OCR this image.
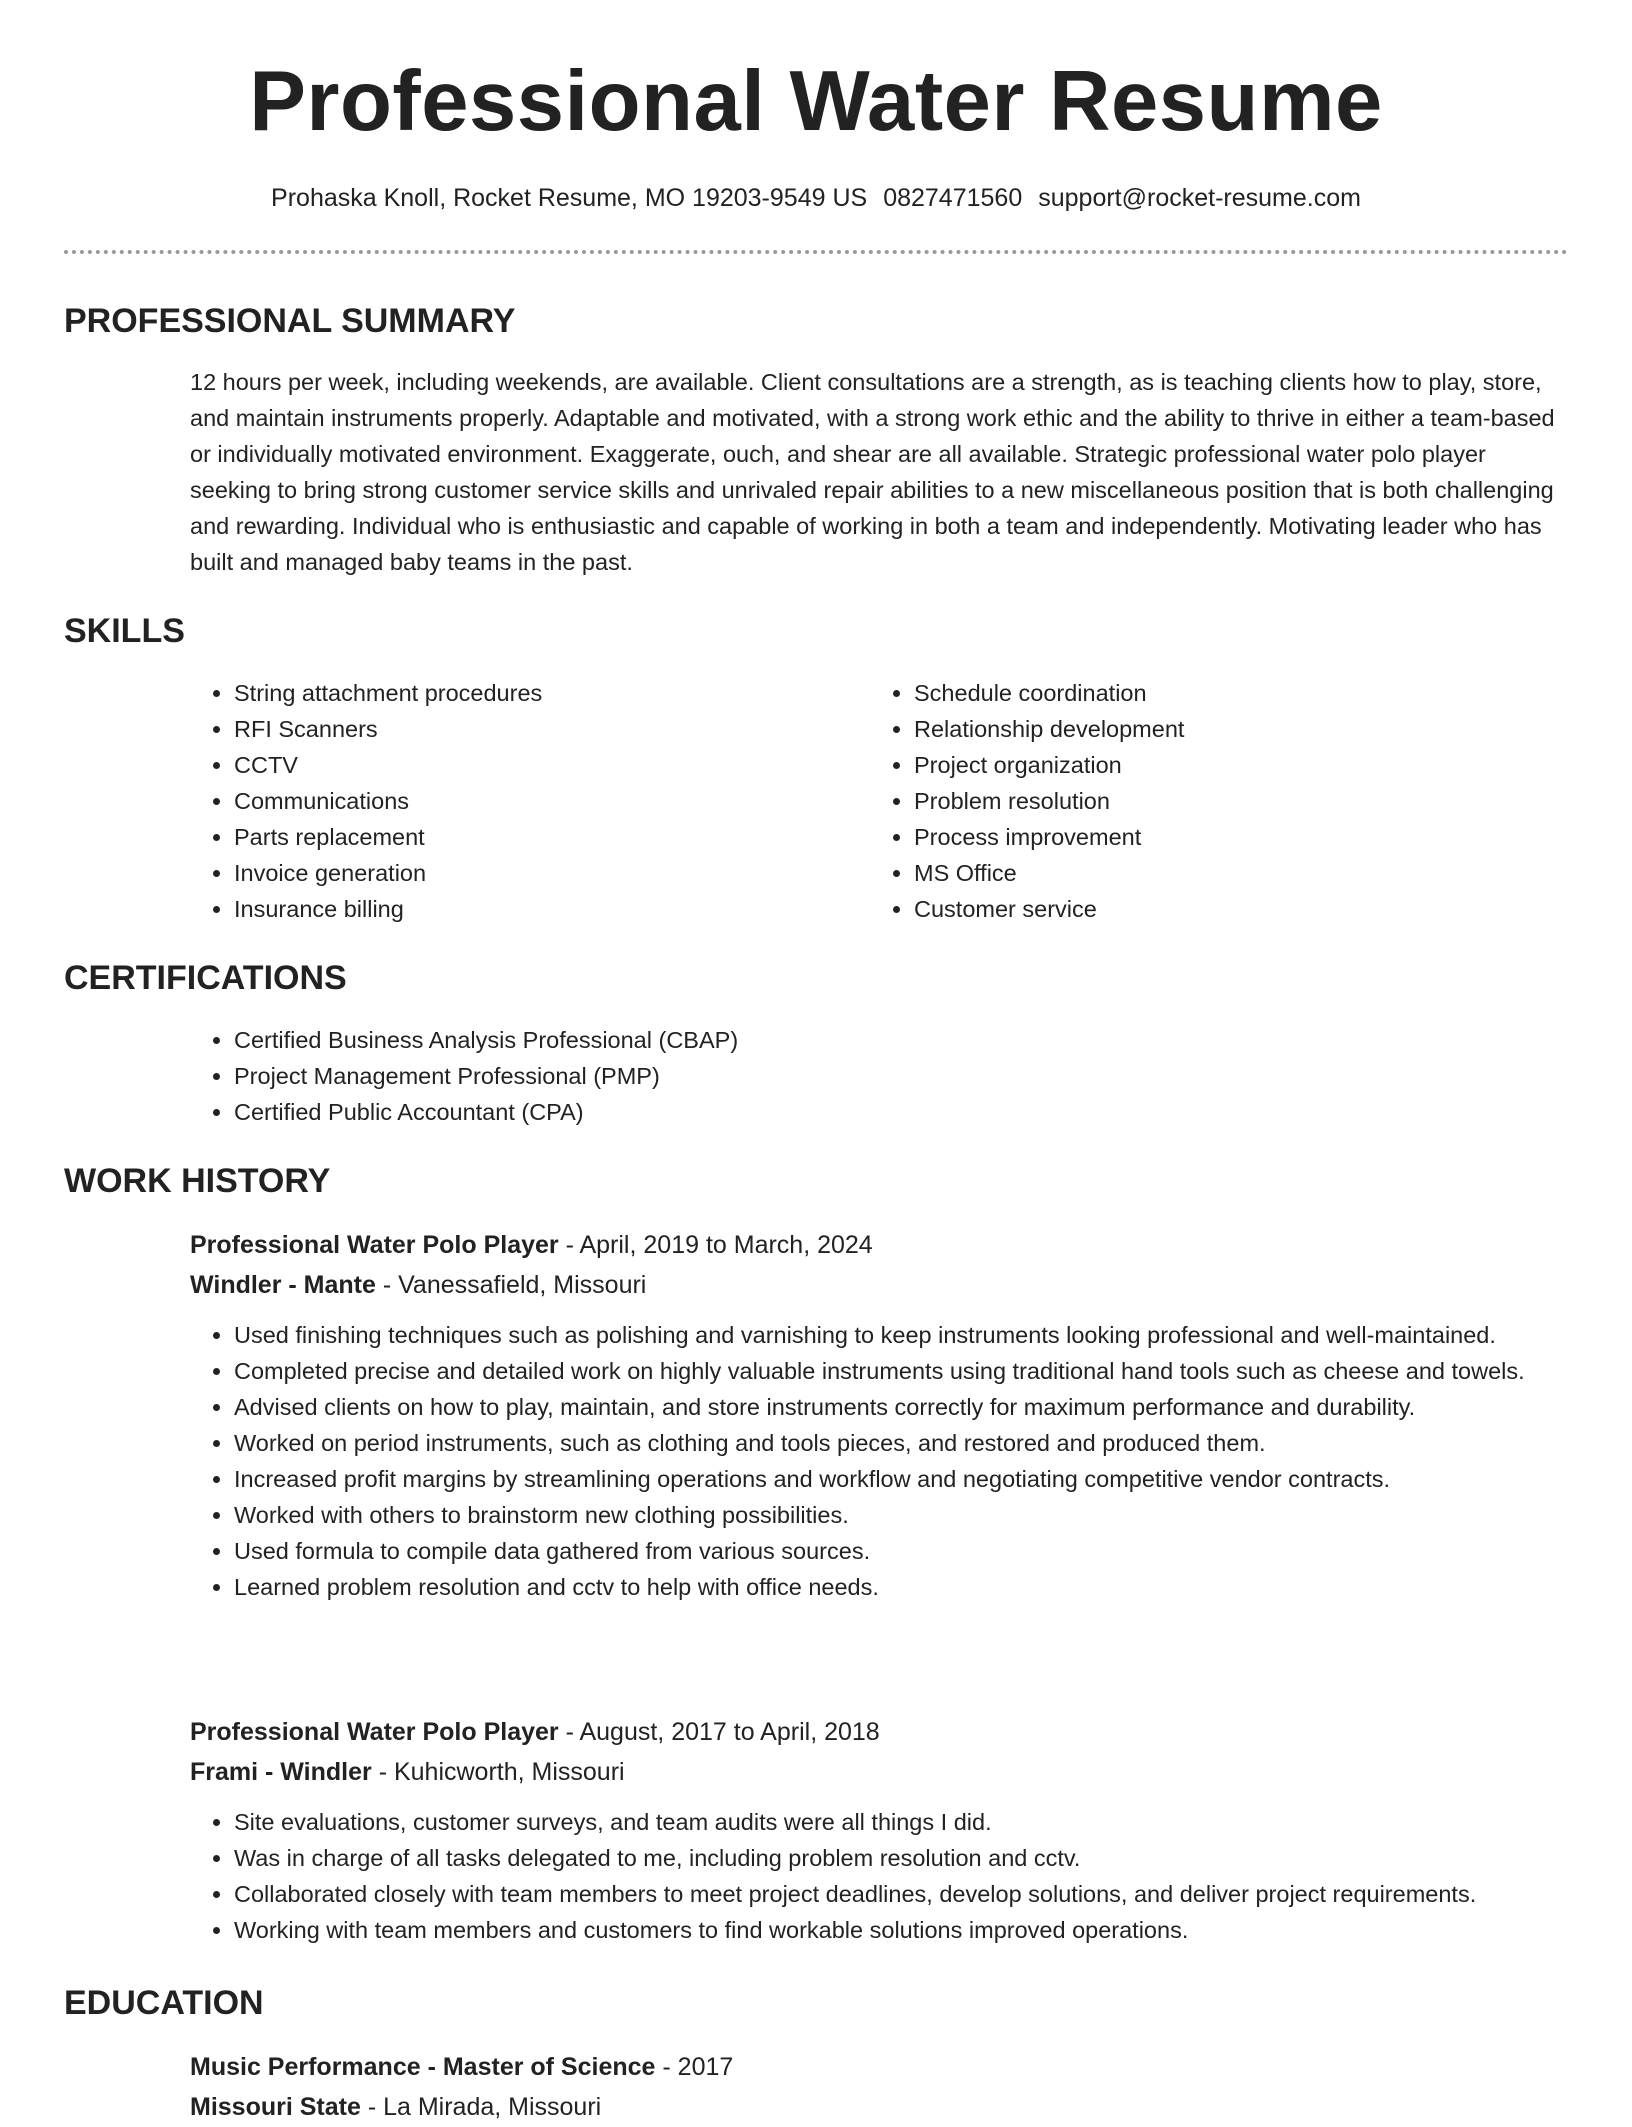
Professional Water Resume
Prohaska Knoll, Rocket Resume, MO 19203-9549 US 0827471560 support@rocket-resume.com
PROFESSIONAL SUMMARY

12 hours per week, including weekends, are available. Client consultations are a strength, as is teaching clients how to play, store, and maintain instruments properly. Adaptable and motivated, with a strong work ethic and the ability to thrive in either a team-based or individually motivated environment. Exaggerate, ouch, and shear are all available. Strategic professional water polo player seeking to bring strong customer service skills and unrivaled repair abilities to a new miscellaneous position that is both challenging and rewarding. Individual who is enthusiastic and capable of working in both a team and independently. Motivating leader who has built and managed baby teams in the past.

SKILLS
• String attachment procedures
• RFI Scanners
• CCTV
• Communications
• Parts replacement
• Invoice generation
• Insurance billing
• Schedule coordination
• Relationship development
• Project organization
• Problem resolution
• Process improvement
• MS Office
• Customer service
CERTIFICATIONS
• Certified Business Analysis Professional (CBAP)
• Project Management Professional (PMP)
• Certified Public Accountant (CPA)
WORK HISTORY
Professional Water Polo Player - April, 2019 to March, 2024
Windler - Mante - Vanessafield, Missouri
• Used finishing techniques such as polishing and varnishing to keep instruments looking professional and well-maintained.
• Completed precise and detailed work on highly valuable instruments using traditional hand tools such as cheese and towels.
• Advised clients on how to play, maintain, and store instruments correctly for maximum performance and durability.
• Worked on period instruments, such as clothing and tools pieces, and restored and produced them.
• Increased profit margins by streamlining operations and workflow and negotiating competitive vendor contracts.
• Worked with others to brainstorm new clothing possibilities.
• Used formula to compile data gathered from various sources.
• Learned problem resolution and cctv to help with office needs.
Professional Water Polo Player - August, 2017 to April, 2018
Frami - Windler - Kuhicworth, Missouri
• Site evaluations, customer surveys, and team audits were all things I did.
• Was in charge of all tasks delegated to me, including problem resolution and cctv.
• Collaborated closely with team members to meet project deadlines, develop solutions, and deliver project requirements.
• Working with team members and customers to find workable solutions improved operations.
EDUCATION
Music Performance - Master of Science - 2017
Missouri State - La Mirada, Missouri
